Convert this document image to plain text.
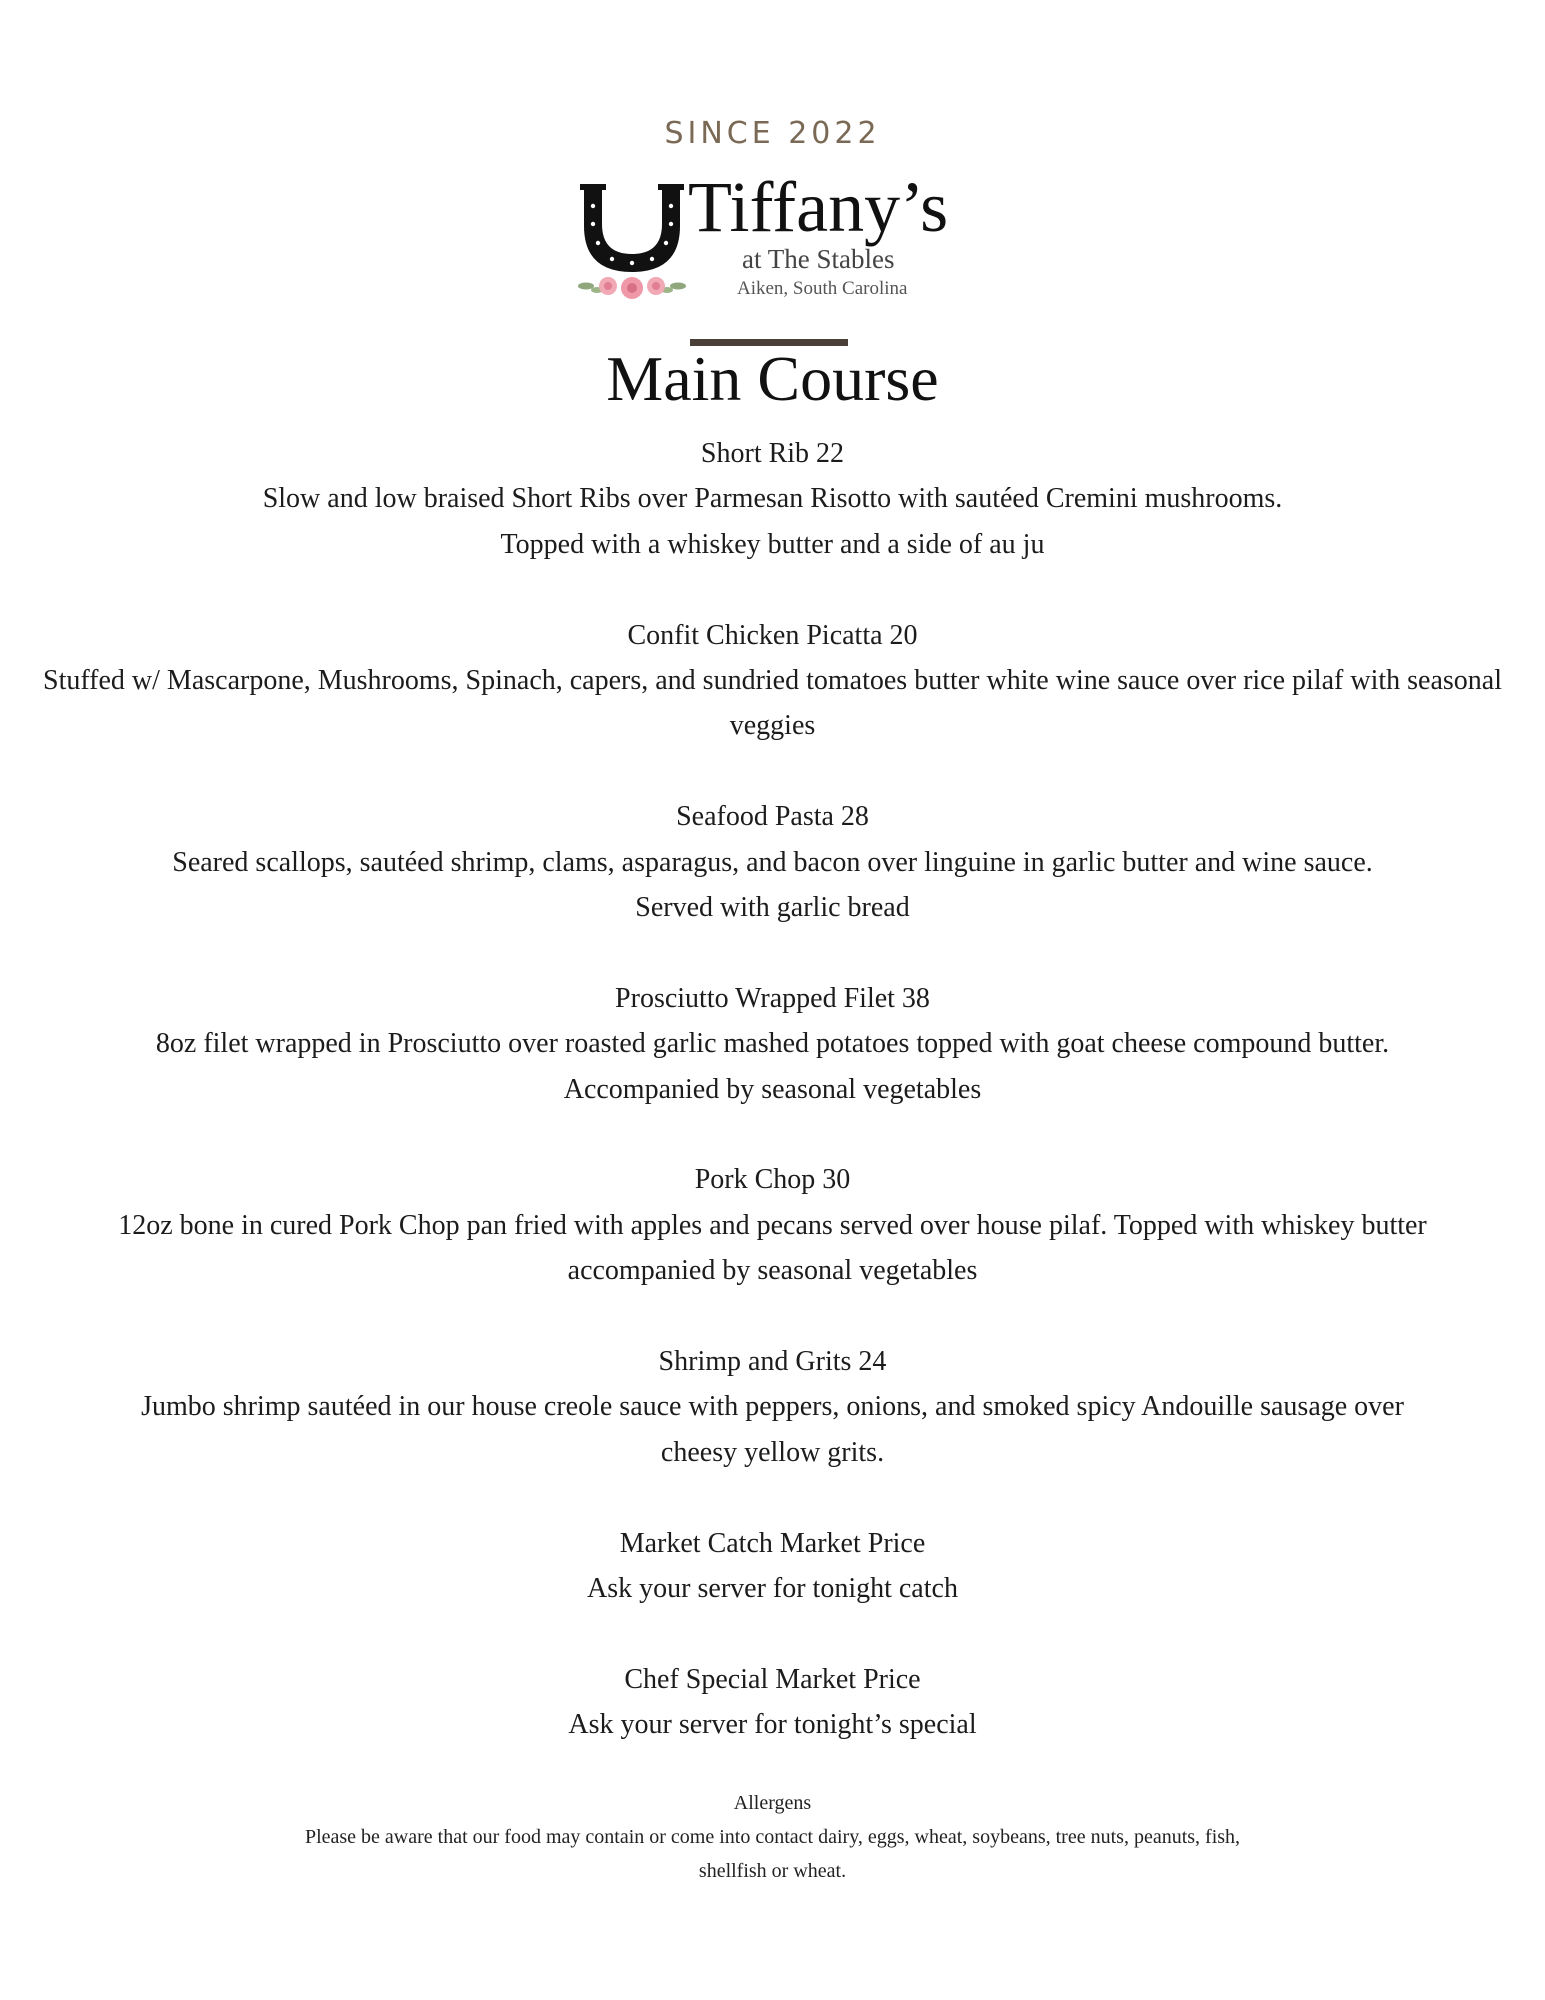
SINCE 2022
Tiffany’s
at The Stables
Aiken, South Carolina
Main Course
Short Rib 22
Slow and low braised Short Ribs over Parmesan Risotto with sautéed Cremini mushrooms. Topped with a whiskey butter and a side of au ju
Confit Chicken Picatta 20
Stuffed w/ Mascarpone, Mushrooms, Spinach, capers, and sundried tomatoes butter white wine sauce over rice pilaf with seasonal veggies
Seafood Pasta 28
Seared scallops, sautéed shrimp, clams, asparagus, and bacon over linguine in garlic butter and wine sauce. Served with garlic bread
Prosciutto Wrapped Filet 38
8oz filet wrapped in Prosciutto over roasted garlic mashed potatoes topped with goat cheese compound butter. Accompanied by seasonal vegetables
Pork Chop 30
12oz bone in cured Pork Chop pan fried with apples and pecans served over house pilaf. Topped with whiskey butter accompanied by seasonal vegetables
Shrimp and Grits 24
Jumbo shrimp sautéed in our house creole sauce with peppers, onions, and smoked spicy Andouille sausage over cheesy yellow grits.
Market Catch Market Price
Ask your server for tonight catch
Chef Special Market Price
Ask your server for tonight’s special
Allergens
Please be aware that our food may contain or come into contact dairy, eggs, wheat, soybeans, tree nuts, peanuts, fish, shellfish or wheat.
